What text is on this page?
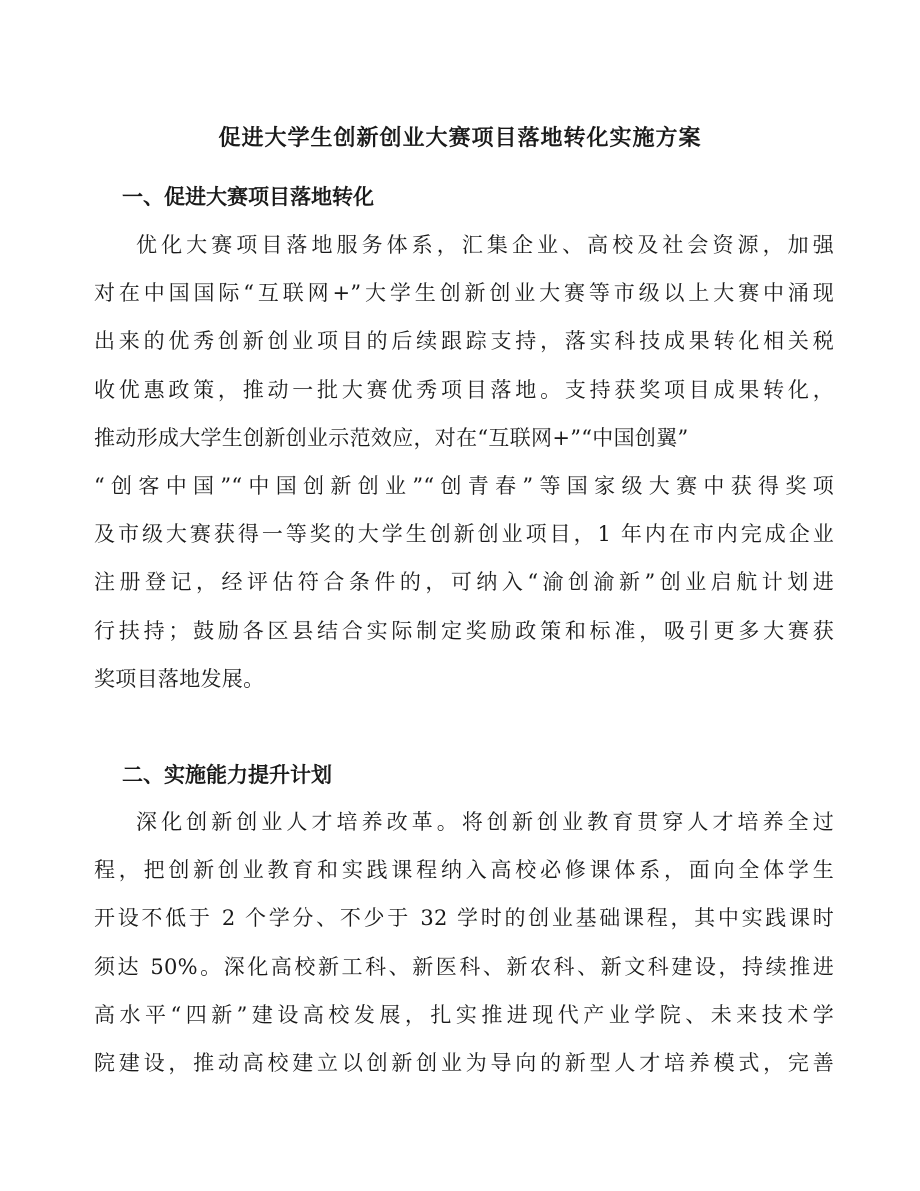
促进大学生创新创业大赛项目落地转化实施方案
一、促进大赛项目落地转化
优化大赛项目落地服务体系，汇集企业、高校及社会资源，加强
对在中国国际“互联网+”大学生创新创业大赛等市级以上大赛中涌现
出来的优秀创新创业项目的后续跟踪支持，落实科技成果转化相关税
收优惠政策，推动一批大赛优秀项目落地。支持获奖项目成果转化，
推动形成大学生创新创业示范效应，对在“互联网+”“中国创翼”
“创客中国”“中国创新创业”“创青春”等国家级大赛中获得奖项
及市级大赛获得一等奖的大学生创新创业项目，1 年内在市内完成企业
注册登记，经评估符合条件的，可纳入“渝创渝新”创业启航计划进
行扶持；鼓励各区县结合实际制定奖励政策和标准，吸引更多大赛获
奖项目落地发展。
二、实施能力提升计划
深化创新创业人才培养改革。将创新创业教育贯穿人才培养全过
程，把创新创业教育和实践课程纳入高校必修课体系，面向全体学生
开设不低于 2 个学分、不少于 32 学时的创业基础课程，其中实践课时
须达 50%。深化高校新工科、新医科、新农科、新文科建设，持续推进
高水平“四新”建设高校发展，扎实推进现代产业学院、未来技术学
院建设，推动高校建立以创新创业为导向的新型人才培养模式，完善
